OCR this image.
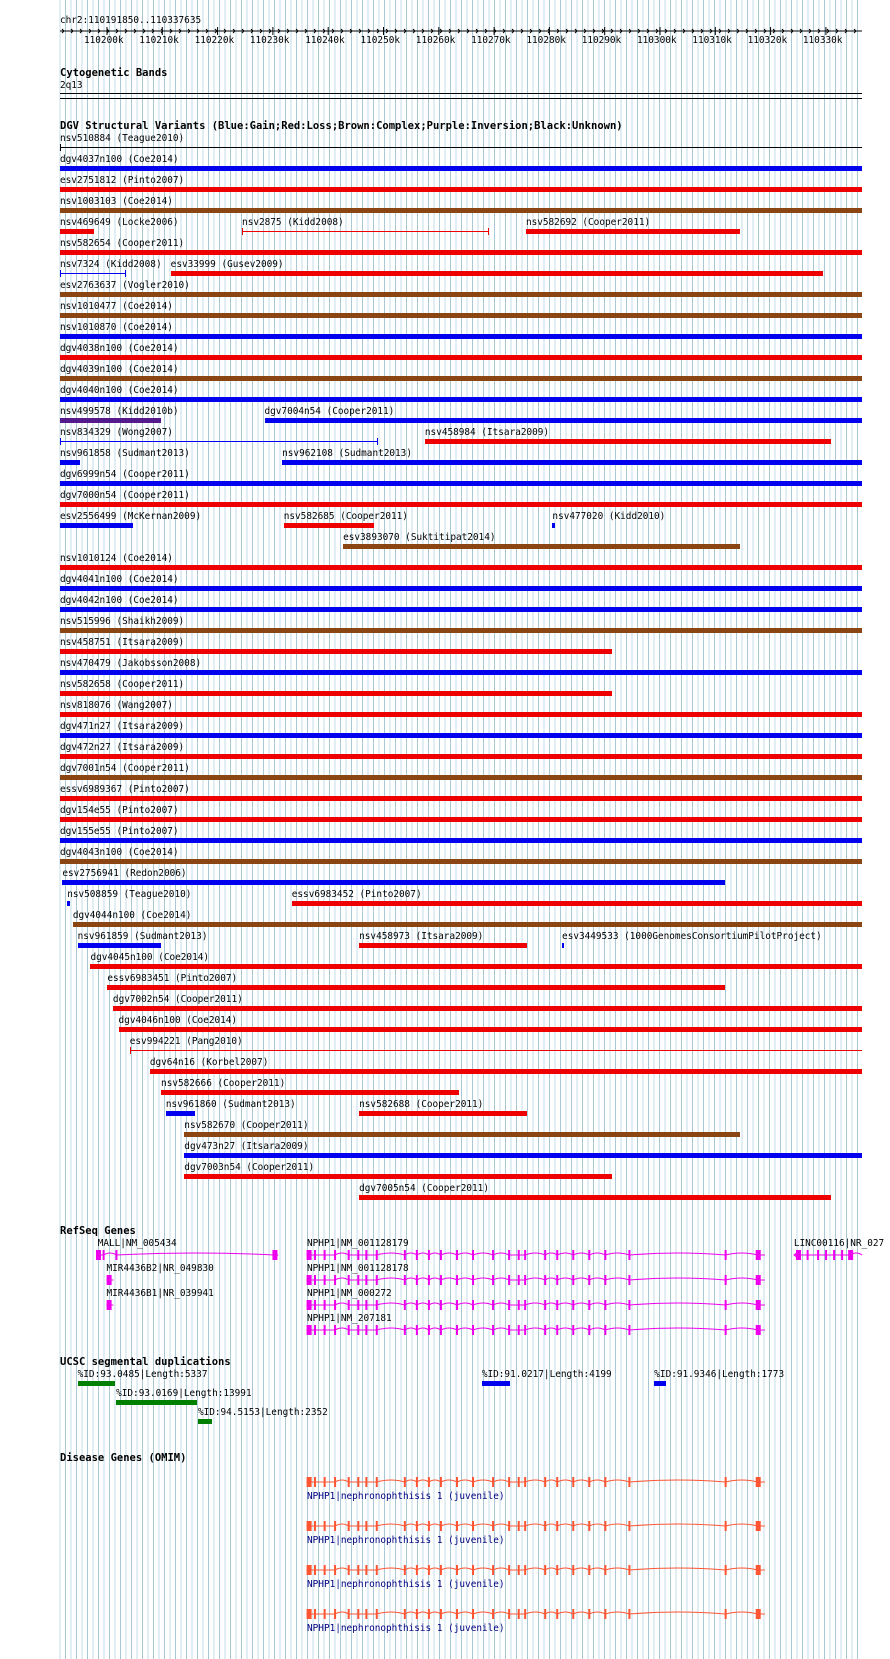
chr2:110191850..110337635
110200k 110210k 110220k 110230k 110240k 110250k 110260k 110270k 110280k 110290k 110300k 110310k 110320k 110330k
Cytogenetic Bands
2q13
DGV Structural Variants (Blue:Gain;Red:Loss;Brown:Complex;Purple:Inversion;Black:Unknown)
nsv510884 (Teague2010)
dgv4037n100 (Coe2014)
esv2751812 (Pinto2007)
nsv1003103 (Coe2014)
nsv469649 (Locke2006)	nsv2875 (Kidd2008)	nsv582692 (Cooper2011)
nsv582654 (Cooper2011)
nsv7324 (Kidd2008) esv33999 (Gusev2009)
esv2763637 (Vogler2010)
nsv1010477 (Coe2014)
nsv1010870 (Coe2014)
dgv4038n100 (Coe2014)
dgv4039n100 (Coe2014)
dgv4040n100 (Coe2014)
nsv499578 (Kidd2010b)	dgv7004n54 (Cooper2011)
nsv834329 (Wong2007)	nsv458984 (Itsara2009)
nsv961858 (Sudmant2013)	nsv962108 (Sudmant2013)
dgv6999n54 (Cooper2011)
dgv7000n54 (Cooper2011)
esv2556499 (McKernan2009)	nsv582685 (Cooper2011)	nsv477020 (Kidd2010)
esv3893070 (Suktitipat2014)
nsv1010124 (Coe2014)
dgv4041n100 (Coe2014)
dgv4042n100 (Coe2014)
nsv515996 (Shaikh2009)
nsv458751 (Itsara2009)
nsv470479 (Jakobsson2008)
nsv582658 (Cooper2011)
nsv818076 (Wang2007)
dgv471n27 (Itsara2009)
dgv472n27 (Itsara2009)
dgv7001n54 (Cooper2011)
essv6989367 (Pinto2007)
dgv154e55 (Pinto2007)
dgv155e55 (Pinto2007)
dgv4043n100 (Coe2014)
esv2756941 (Redon2006)
nsv508859 (Teague2010)	essv6983452 (Pinto2007)
dgv4044n100 (Coe2014)
nsv961859 (Sudmant2013)	nsv458973 (Itsara2009)	esv3449533 (1000GenomesConsortiumPilotProject)
dgv4045n100 (Coe2014)
essv6983451 (Pinto2007)
dgv7002n54 (Cooper2011)
dgv4046n100 (Coe2014)
esv994221 (Pang2010)
dgv64n16 (Korbel2007)
nsv582666 (Cooper2011)
nsv961860 (Sudmant2013)	nsv582688 (Cooper2011)
nsv582670 (Cooper2011)
dgv473n27 (Itsara2009)
dgv7003n54 (Cooper2011)
dgv7005n54 (Cooper2011)
RefSeq Genes
MALL|NM_005434	NPHP1|NM_001128179	LINC00116|NR_027
MIR4436B2|NR_049830	NPHP1|NM_001128178
MIR4436B1|NR_039941	NPHP1|NM_000272
NPHP1|NM_207181
UCSC segmental duplications
%ID:93.0485|Length:5337	%ID:91.0217|Length:4199	%ID:91.9346|Length:1773
%ID:93.0169|Length:13991
%ID:94.5153|Length:2352
Disease Genes (OMIM)
NPHP1|nephronophthisis 1 (juvenile)
NPHP1|nephronophthisis 1 (juvenile)
NPHP1|nephronophthisis 1 (juvenile)
NPHP1|nephronophthisis 1 (juvenile)
